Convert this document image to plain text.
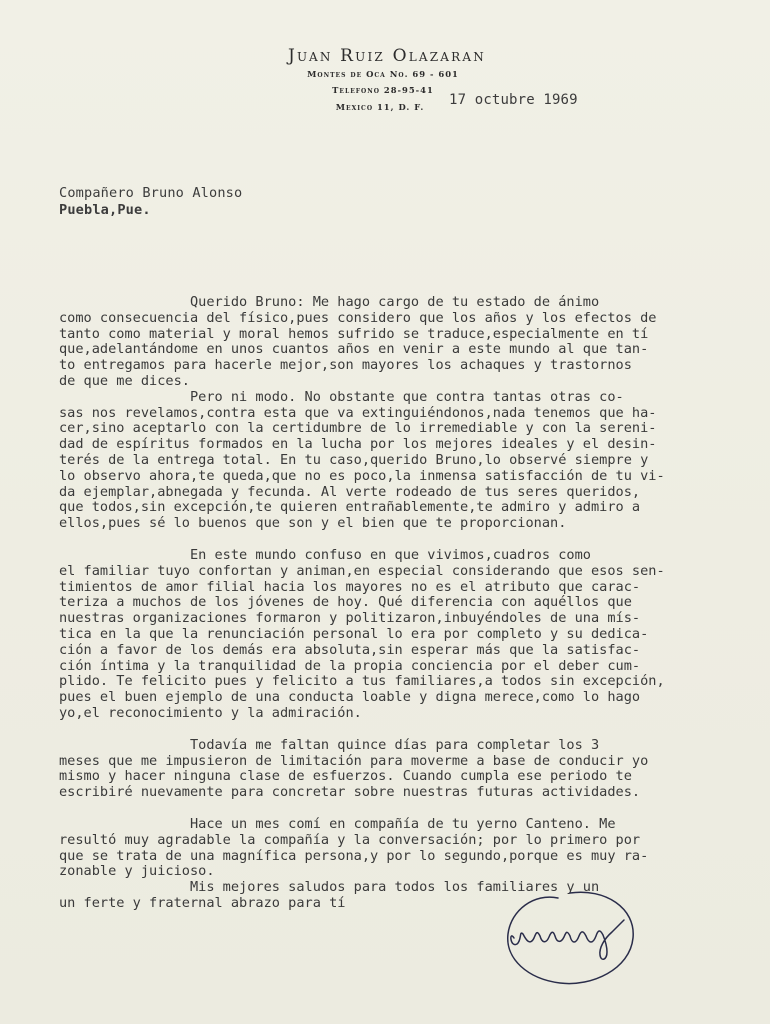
Juan Ruiz Olazaran
Montes de Oca No. 69 - 601
Telefono 28-95-41
Mexico 11, D. F.	17 octubre 1969
Compañero Bruno Alonso
Puebla,Pue.
Querido Bruno: Me hago cargo de tu estado de ánimo
como consecuencia del físico,pues considero que los años y los efectos de
tanto como material y moral hemos sufrido se traduce,especialmente en tí
que,adelantándome en unos cuantos años en venir a este mundo al que tan-
to entregamos para hacerle mejor,son mayores los achaques y trastornos
de que me dices.
Pero ni modo. No obstante que contra tantas otras co-
sas nos revelamos,contra esta que va extinguiéndonos,nada tenemos que ha-
cer,sino aceptarlo con la certidumbre de lo irremediable y con la sereni-
dad de espíritus formados en la lucha por los mejores ideales y el desin-
terés de la entrega total. En tu caso,querido Bruno,lo observé siempre y
lo observo ahora,te queda,que no es poco,la inmensa satisfacción de tu vi-
da ejemplar,abnegada y fecunda. Al verte rodeado de tus seres queridos,
que todos,sin excepción,te quieren entrañablemente,te admiro y admiro a
ellos,pues sé lo buenos que son y el bien que te proporcionan.
En este mundo confuso en que vivimos,cuadros como
el familiar tuyo confortan y animan,en especial considerando que esos sen-
timientos de amor filial hacia los mayores no es el atributo que carac-
teriza a muchos de los jóvenes de hoy. Qué diferencia con aquéllos que
nuestras organizaciones formaron y politizaron,inbuyéndoles de una mís-
tica en la que la renunciación personal lo era por completo y su dedica-
ción a favor de los demás era absoluta,sin esperar más que la satisfac-
ción íntima y la tranquilidad de la propia conciencia por el deber cum-
plido. Te felicito pues y felicito a tus familiares,a todos sin excepción,
pues el buen ejemplo de una conducta loable y digna merece,como lo hago
yo,el reconocimiento y la admiración.
Todavía me faltan quince días para completar los 3
meses que me impusieron de limitación para moverme a base de conducir yo
mismo y hacer ninguna clase de esfuerzos. Cuando cumpla ese periodo te
escribiré nuevamente para concretar sobre nuestras futuras actividades.
Hace un mes comí en compañía de tu yerno Canteno. Me
resultó muy agradable la compañía y la conversación; por lo primero por
que se trata de una magnífica persona,y por lo segundo,porque es muy ra-
zonable y juicioso.
Mis mejores saludos para todos los familiares y un
un ferte y fraternal abrazo para tí
